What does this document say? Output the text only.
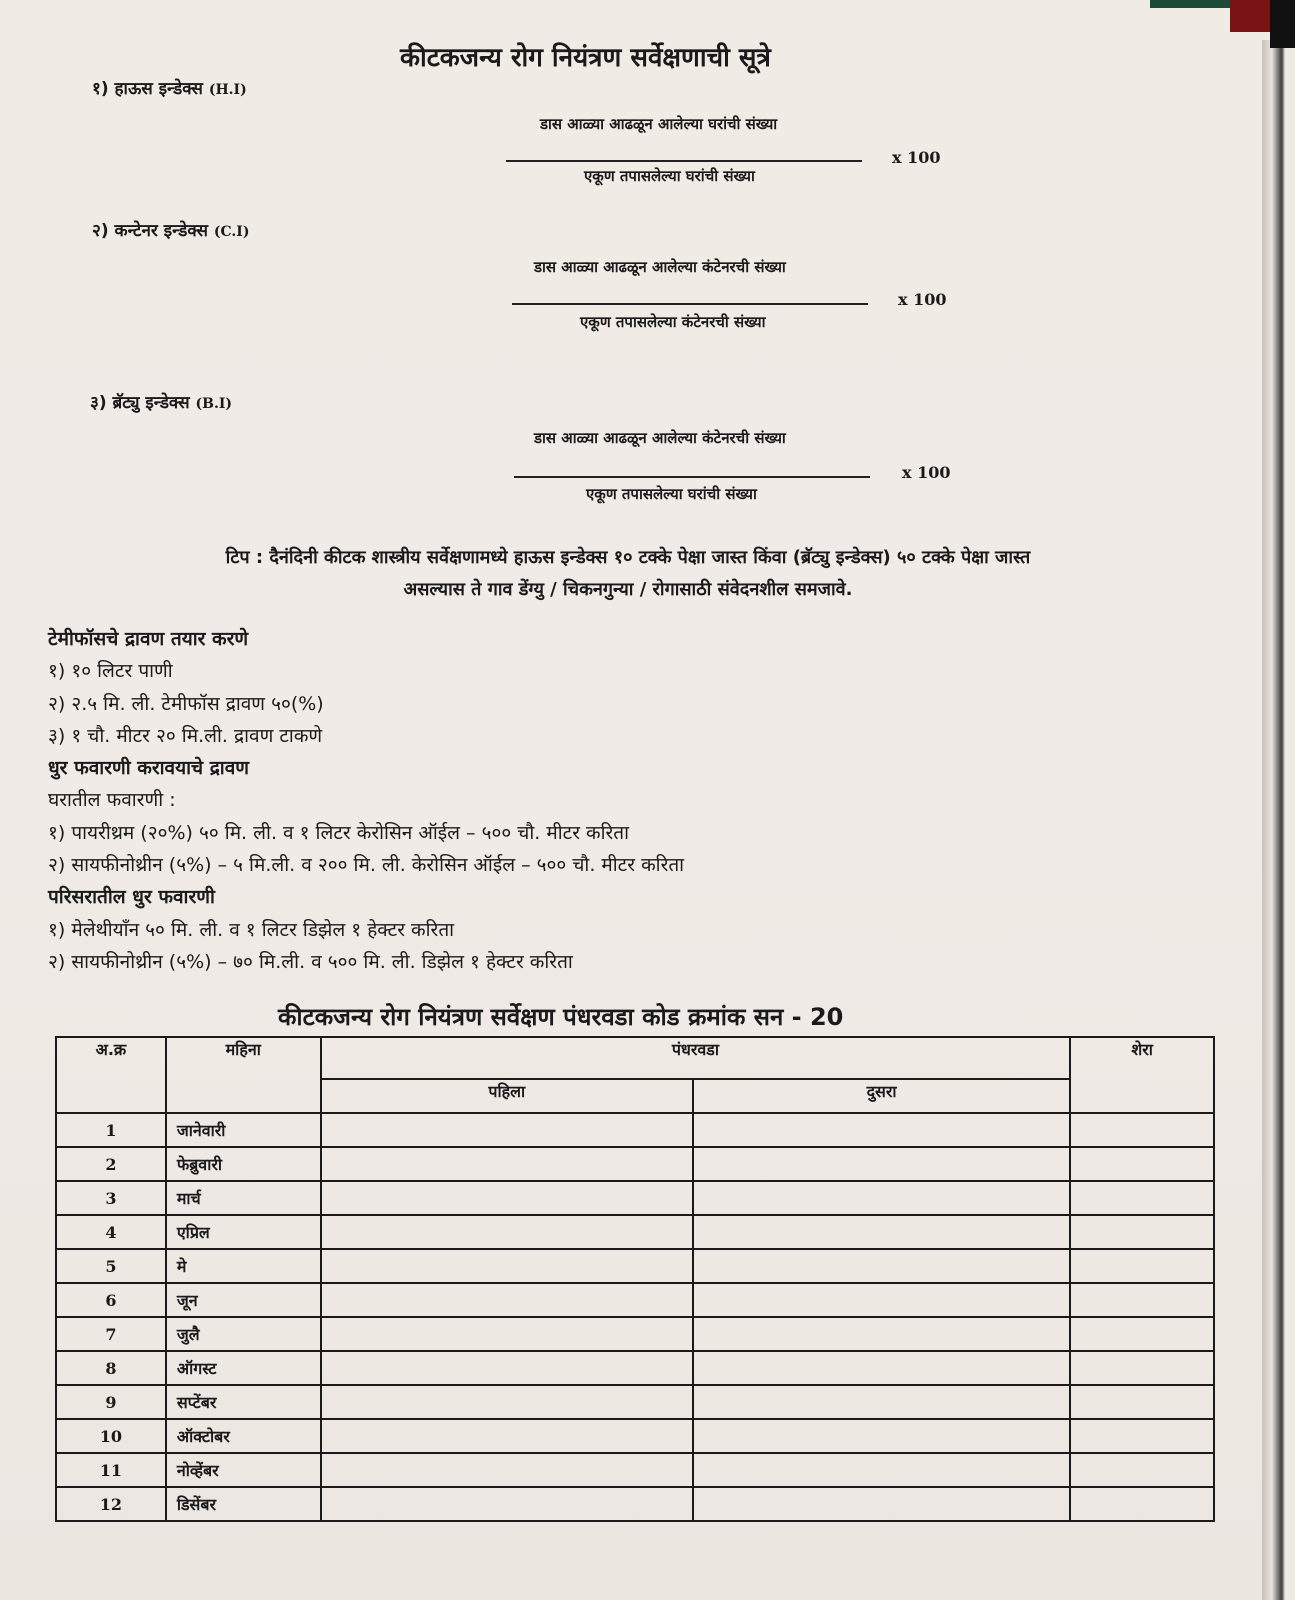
कीटकजन्य रोग नियंत्रण सर्वेक्षणाची सूत्रे
१) हाऊस इन्डेक्स (H.I)
डास आळ्या आढळून आलेल्या घरांची संख्या
x 100
एकूण तपासलेल्या घरांची संख्या
२) कन्टेनर इन्डेक्स (C.I)
डास आळ्या आढळून आलेल्या कंटेनरची संख्या
x 100
एकूण तपासलेल्या कंटेनरची संख्या
३) ब्रॅट्यु इन्डेक्स (B.I)
डास आळ्या आढळून आलेल्या कंटेनरची संख्या
x 100
एकूण तपासलेल्या घरांची संख्या
टिप : दैनंदिनी कीटक शास्त्रीय सर्वेक्षणामध्ये हाऊस इन्डेक्स १० टक्के पेक्षा जास्त किंवा (ब्रॅट्यु इन्डेक्स) ५० टक्के पेक्षा जास्त
असल्यास ते गाव डेंग्यु / चिकनगुन्या / रोगासाठी संवेदनशील समजावे.
टेमीफॉसचे द्रावण तयार करणे
१) १० लिटर पाणी
२) २.५ मि. ली. टेमीफॉस द्रावण ५०(%)
३) १ चौ. मीटर २० मि.ली. द्रावण टाकणे
धुर फवारणी करावयाचे द्रावण
घरातील फवारणी :
१) पायरीथ्रम (२०%) ५० मि. ली. व १ लिटर केरोसिन ऑईल – ५०० चौ. मीटर करिता
२) सायफीनोथ्रीन (५%) – ५ मि.ली. व २०० मि. ली. केरोसिन ऑईल – ५०० चौ. मीटर करिता
परिसरातील धुर फवारणी
१) मेलेथीयाँन ५० मि. ली. व १ लिटर डिझेल १ हेक्टर करिता
२) सायफीनोथ्रीन (५%) – ७० मि.ली. व ५०० मि. ली. डिझेल १ हेक्टर करिता
कीटकजन्य रोग नियंत्रण सर्वेक्षण पंधरवडा कोड क्रमांक सन - 20
अ.क्र	महिना	पंधरवडा		शेरा
		पहिला	दुसरा	
1	जानेवारी			
2	फेब्रुवारी			
3	मार्च			
4	एप्रिल			
5	मे			
6	जून			
7	जुलै			
8	ऑगस्ट			
9	सप्टेंबर			
10	ऑक्टोबर			
11	नोव्हेंबर			
12	डिसेंबर			
